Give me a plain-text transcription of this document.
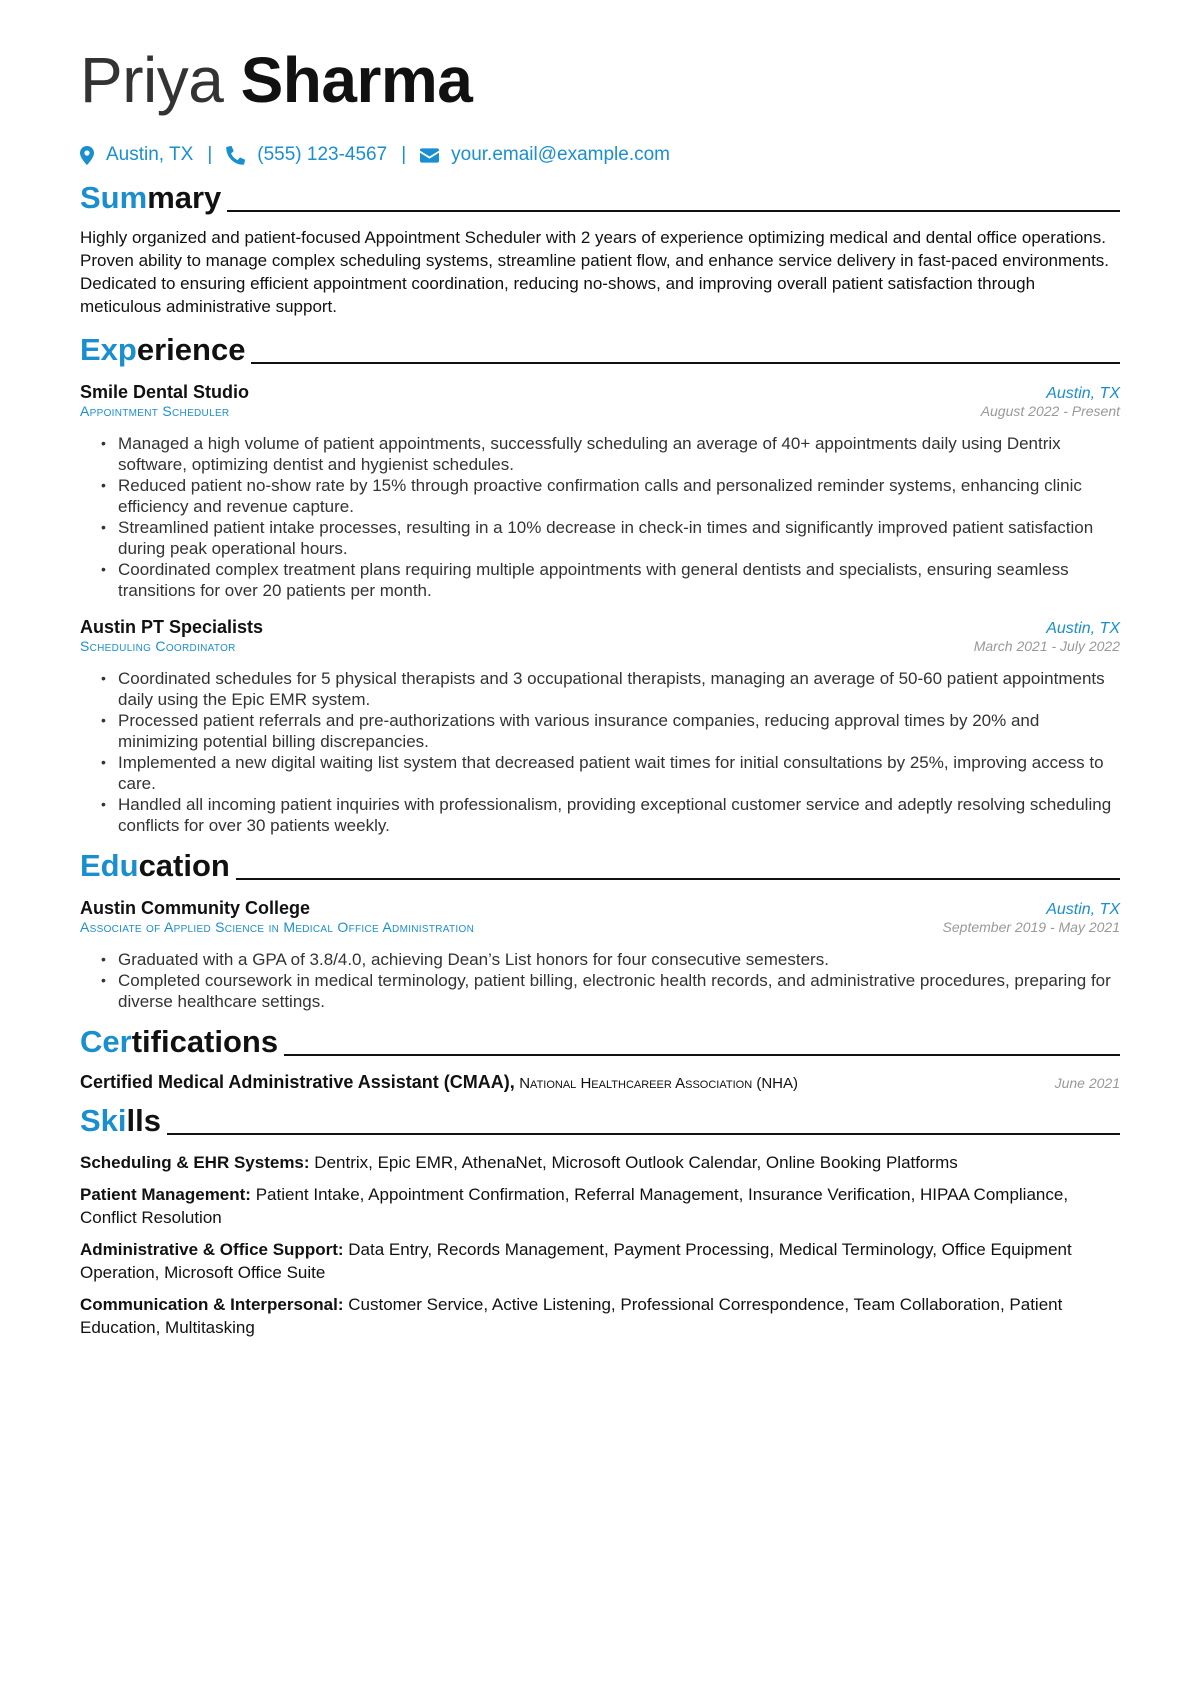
Priya Sharma
Austin, TX | (555) 123-4567 | your.email@example.com
Summary

Highly organized and patient-focused Appointment Scheduler with 2 years of experience optimizing medical and dental office operations. Proven ability to manage complex scheduling systems, streamline patient flow, and enhance service delivery in fast-paced environments. Dedicated to ensuring efficient appointment coordination, reducing no-shows, and improving overall patient satisfaction through meticulous administrative support.

Experience
Smile Dental Studio	Austin, TX
Appointment Scheduler	August 2022 - Present
• Managed a high volume of patient appointments, successfully scheduling an average of 40+ appointments daily using Dentrix software, optimizing dentist and hygienist schedules.
• Reduced patient no-show rate by 15% through proactive confirmation calls and personalized reminder systems, enhancing clinic efficiency and revenue capture.
• Streamlined patient intake processes, resulting in a 10% decrease in check-in times and significantly improved patient satisfaction during peak operational hours.
• Coordinated complex treatment plans requiring multiple appointments with general dentists and specialists, ensuring seamless transitions for over 20 patients per month.
Austin PT Specialists	Austin, TX
Scheduling Coordinator	March 2021 - July 2022
• Coordinated schedules for 5 physical therapists and 3 occupational therapists, managing an average of 50-60 patient appointments daily using the Epic EMR system.
• Processed patient referrals and pre-authorizations with various insurance companies, reducing approval times by 20% and minimizing potential billing discrepancies.
• Implemented a new digital waiting list system that decreased patient wait times for initial consultations by 25%, improving access to care.
• Handled all incoming patient inquiries with professionalism, providing exceptional customer service and adeptly resolving scheduling conflicts for over 30 patients weekly.
Education
Austin Community College	Austin, TX
Associate of Applied Science in Medical Office Administration	September 2019 - May 2021
• Graduated with a GPA of 3.8/4.0, achieving Dean’s List honors for four consecutive semesters.
• Completed coursework in medical terminology, patient billing, electronic health records, and administrative procedures, preparing for diverse healthcare settings.
Certifications
Certified Medical Administrative Assistant (CMAA), National Healthcareer Association (NHA)	June 2021
Skills
Scheduling & EHR Systems: Dentrix, Epic EMR, AthenaNet, Microsoft Outlook Calendar, Online Booking Platforms
Patient Management: Patient Intake, Appointment Confirmation, Referral Management, Insurance Verification, HIPAA Compliance, Conflict Resolution
Administrative & Office Support: Data Entry, Records Management, Payment Processing, Medical Terminology, Office Equipment Operation, Microsoft Office Suite
Communication & Interpersonal: Customer Service, Active Listening, Professional Correspondence, Team Collaboration, Patient Education, Multitasking
